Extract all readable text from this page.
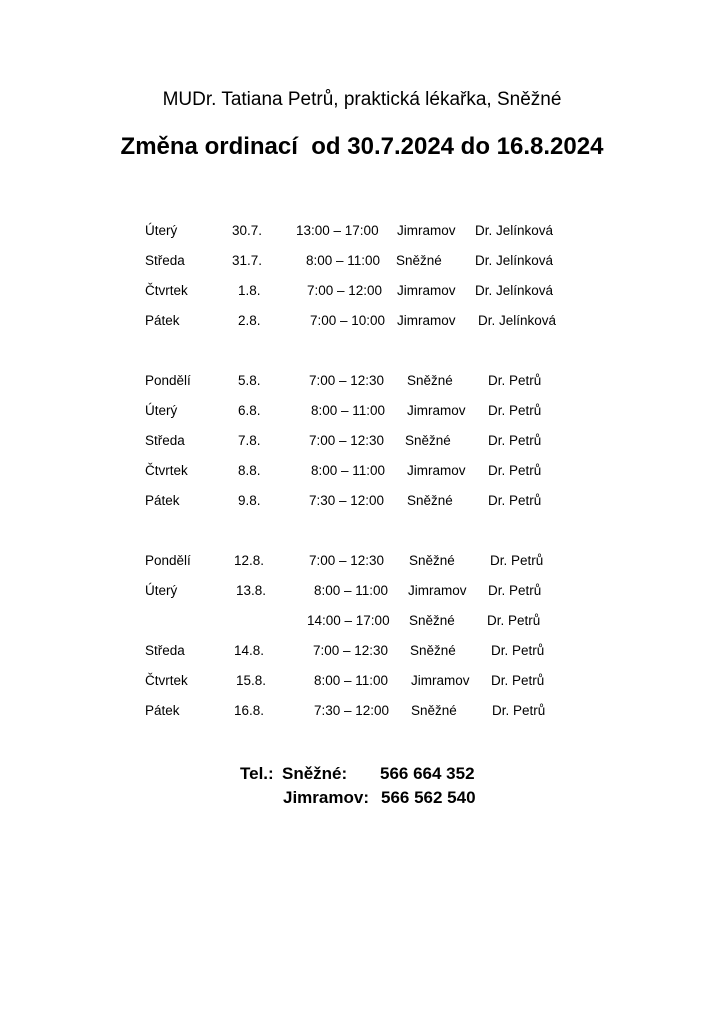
MUDr. Tatiana Petrů, praktická lékařka, Sněžné
Změna ordinací  od 30.7.2024 do 16.8.2024
Úterý	30.7.	13:00 – 17:00 Jimramov Dr. Jelínková
Středa	31.7.	8:00 – 11:00 Sněžné Dr. Jelínková
Čtvrtek	1.8.	7:00 – 12:00 Jimramov Dr. Jelínková
Pátek	2.8.	7:00 – 10:00 Jimramov Dr. Jelínková
Pondělí	5.8.	7:00 – 12:30 Sněžné	Dr. Petrů
Úterý	6.8.	8:00 – 11:00 Jimramov Dr. Petrů
Středa	7.8.	7:00 – 12:30 Sněžné	Dr. Petrů
Čtvrtek	8.8.	8:00 – 11:00 Jimramov Dr. Petrů
Pátek	9.8.	7:30 – 12:00 Sněžné	Dr. Petrů
Pondělí	12.8.	7:00 – 12:30 Sněžné	Dr. Petrů
Úterý	13.8.	8:00 – 11:00 Jimramov Dr. Petrů
14:00 – 17:00 Sněžné Dr. Petrů
Středa	14.8.	7:00 – 12:30 Sněžné	Dr. Petrů
Čtvrtek	15.8.	8:00 – 11:00 Jimramov Dr. Petrů
Pátek	16.8.	7:30 – 12:00 Sněžné	Dr. Petrů
Tel.: Sněžné: 566 664 352
Jimramov: 566 562 540
